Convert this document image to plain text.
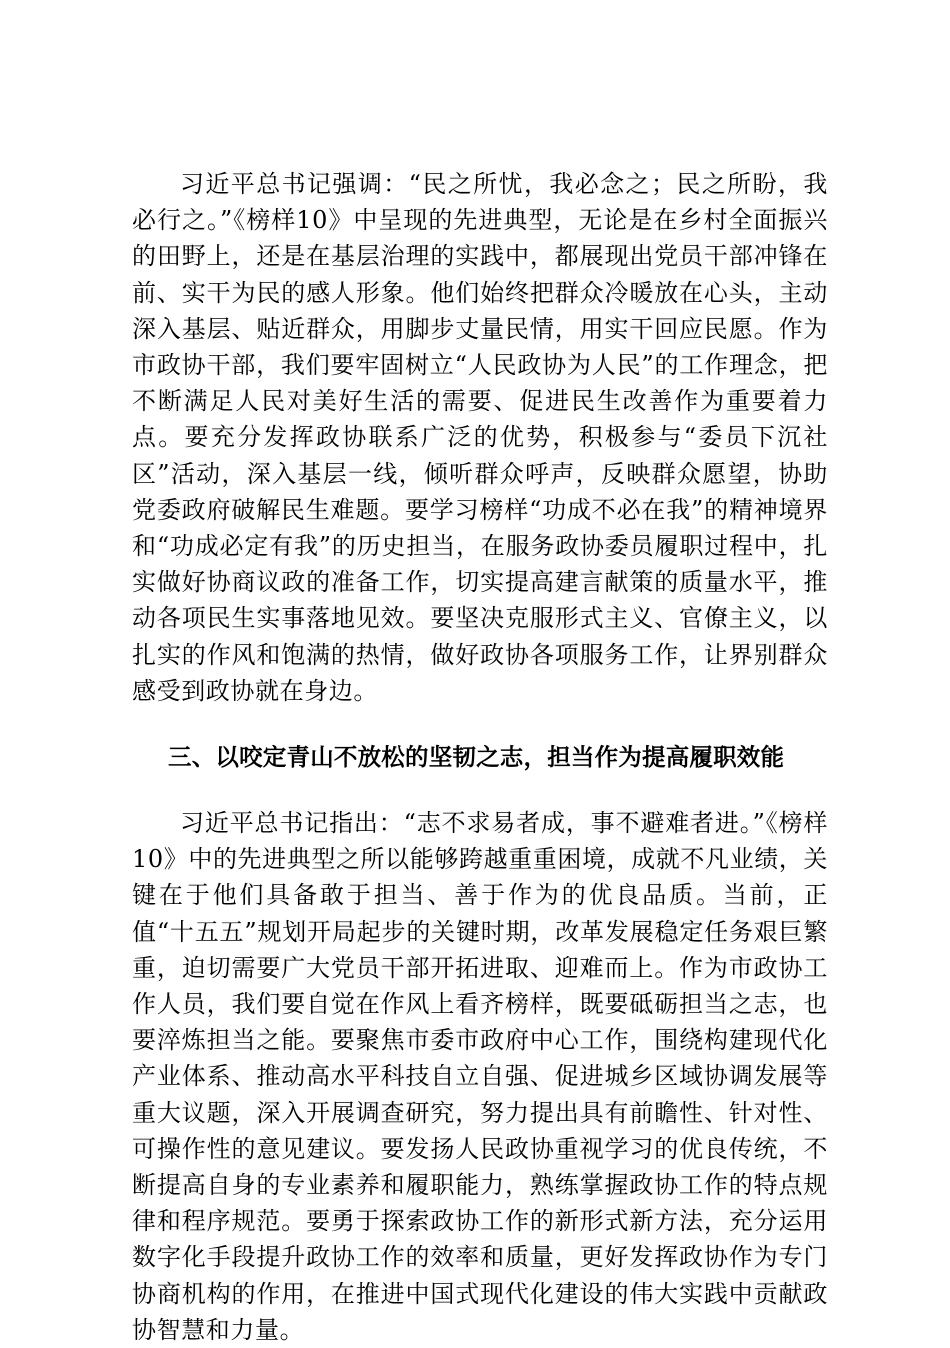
习近平总书记强调：“民之所忧，我必念之；民之所盼，我必行之。”《榜样10》中呈现的先进典型，无论是在乡村全面振兴的田野上，还是在基层治理的实践中，都展现出党员干部冲锋在前、实干为民的感人形象。他们始终把群众冷暖放在心头，主动深入基层、贴近群众，用脚步丈量民情，用实干回应民愿。作为市政协干部，我们要牢固树立“人民政协为人民”的工作理念，把不断满足人民对美好生活的需要、促进民生改善作为重要着力点。要充分发挥政协联系广泛的优势，积极参与“委员下沉社区”活动，深入基层一线，倾听群众呼声，反映群众愿望，协助党委政府破解民生难题。要学习榜样“功成不必在我”的精神境界和“功成必定有我”的历史担当，在服务政协委员履职过程中，扎实做好协商议政的准备工作，切实提高建言献策的质量水平，推动各项民生实事落地见效。要坚决克服形式主义、官僚主义，以扎实的作风和饱满的热情，做好政协各项服务工作，让界别群众感受到政协就在身边。

三、以咬定青山不放松的坚韧之志，担当作为提高履职效能

习近平总书记指出：“志不求易者成，事不避难者进。”《榜样10》中的先进典型之所以能够跨越重重困境，成就不凡业绩，关键在于他们具备敢于担当、善于作为的优良品质。当前，正值“十五五”规划开局起步的关键时期，改革发展稳定任务艰巨繁重，迫切需要广大党员干部开拓进取、迎难而上。作为市政协工作人员，我们要自觉在作风上看齐榜样，既要砥砺担当之志，也要淬炼担当之能。要聚焦市委市政府中心工作，围绕构建现代化产业体系、推动高水平科技自立自强、促进城乡区域协调发展等重大议题，深入开展调查研究，努力提出具有前瞻性、针对性、可操作性的意见建议。要发扬人民政协重视学习的优良传统，不断提高自身的专业素养和履职能力，熟练掌握政协工作的特点规律和程序规范。要勇于探索政协工作的新形式新方法，充分运用数字化手段提升政协工作的效率和质量，更好发挥政协作为专门协商机构的作用，在推进中国式现代化建设的伟大实践中贡献政协智慧和力量。
